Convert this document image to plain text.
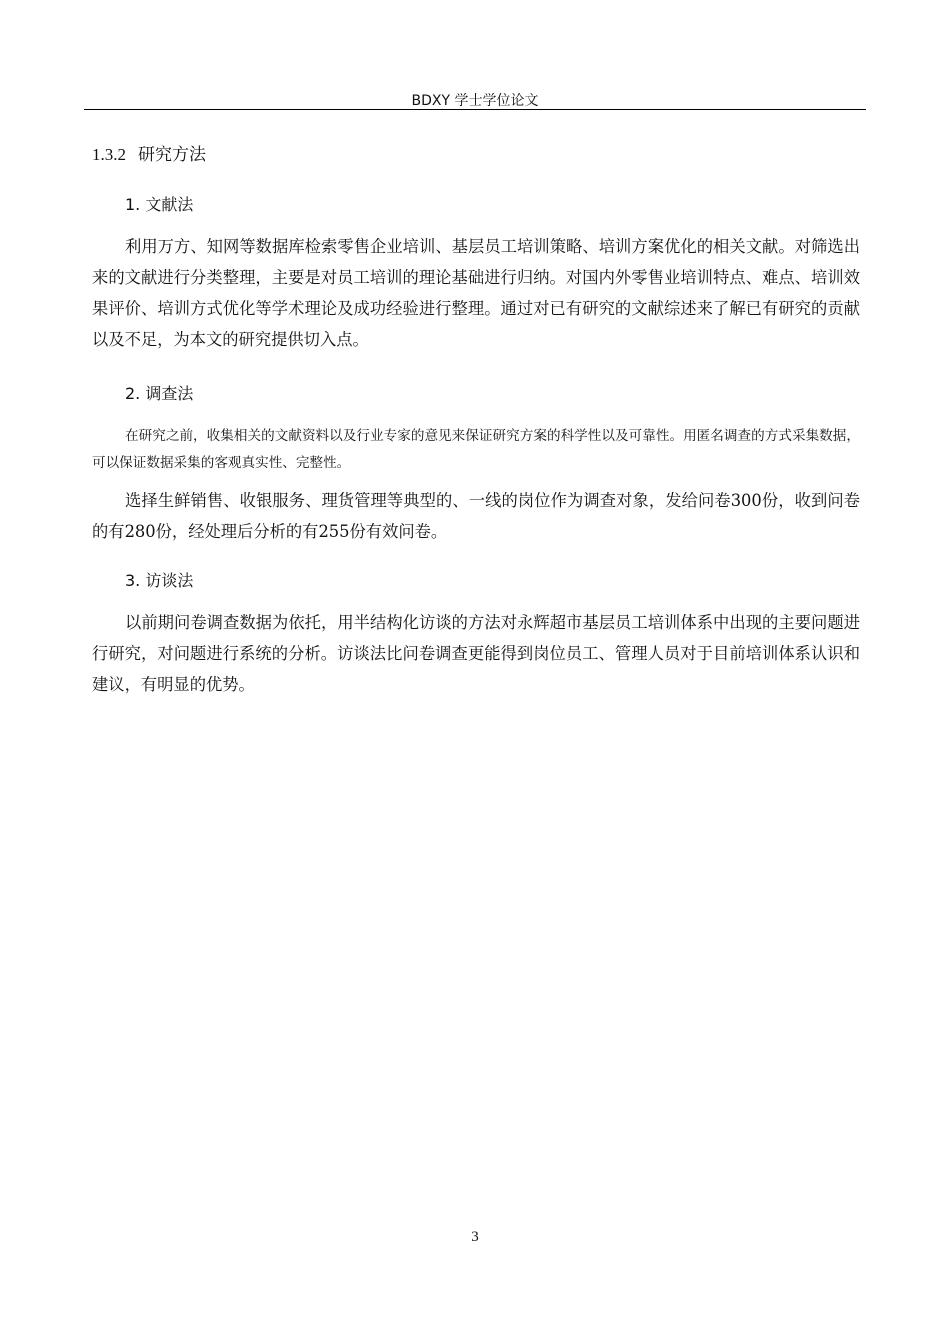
BDXY 学士学位论文
1.3.2 研究方法
1. 文献法

利用万方、知网等数据库检索零售企业培训、基层员工培训策略、培训方案优化的相关文献。对筛选出来的文献进行分类整理，主要是对员工培训的理论基础进行归纳。对国内外零售业培训特点、难点、培训效果评价、培训方式优化等学术理论及成功经验进行整理。通过对已有研究的文献综述来了解已有研究的贡献以及不足，为本文的研究提供切入点。

2. 调查法

在研究之前，收集相关的文献资料以及行业专家的意见来保证研究方案的科学性以及可靠性。用匿名调查的方式采集数据，可以保证数据采集的客观真实性、完整性。

选择生鲜销售、收银服务、理货管理等典型的、一线的岗位作为调查对象，发给问卷300份，收到问卷的有280份，经处理后分析的有255份有效问卷。

3. 访谈法

以前期问卷调查数据为依托，用半结构化访谈的方法对永辉超市基层员工培训体系中出现的主要问题进行研究，对问题进行系统的分析。访谈法比问卷调查更能得到岗位员工、管理人员对于目前培训体系认识和建议，有明显的优势。

3
